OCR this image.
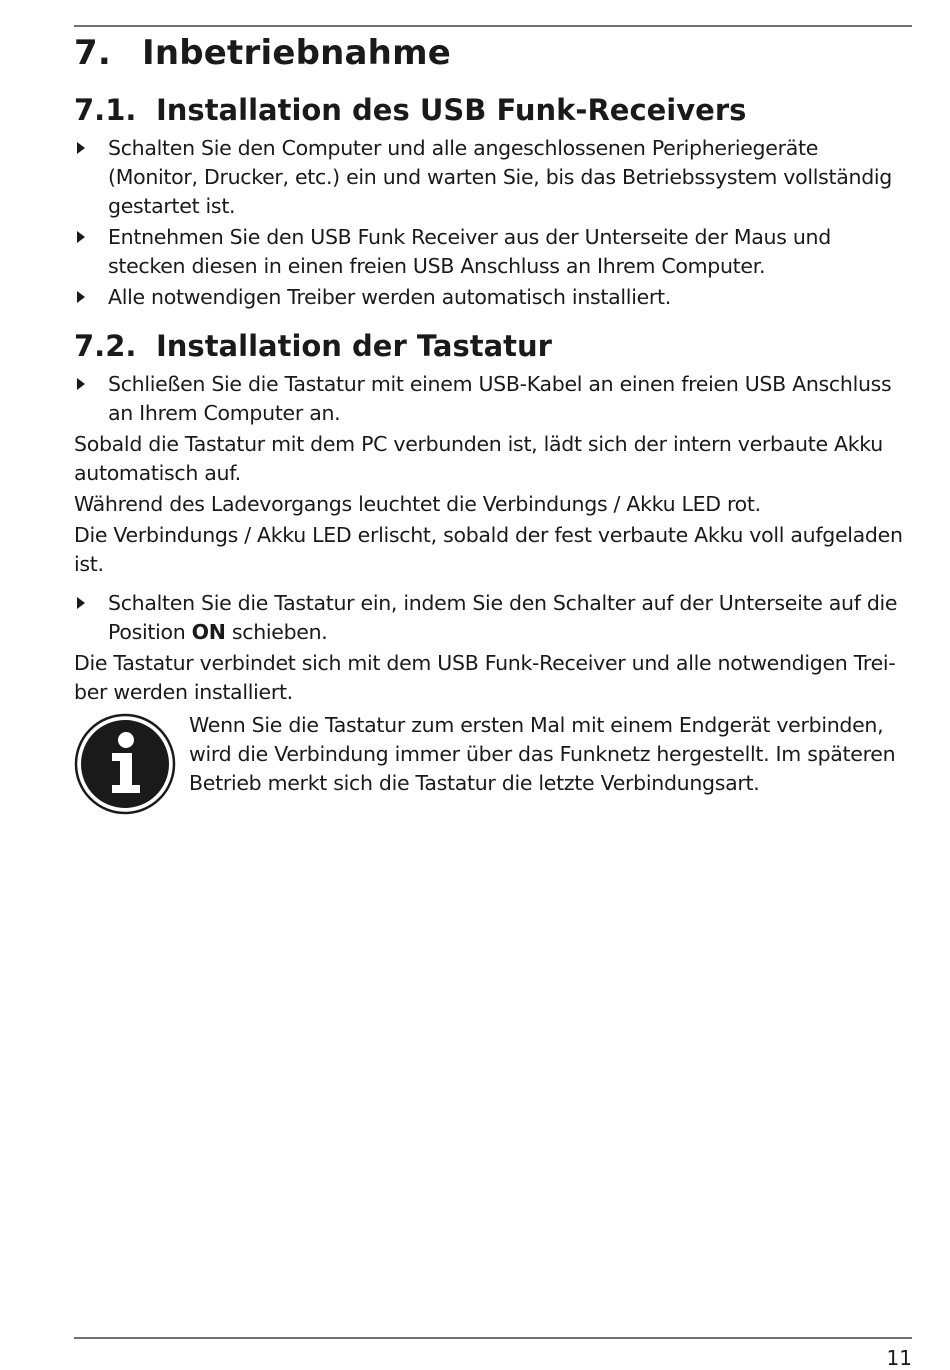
7. Inbetriebnahme
7.1. Installation des USB Funk-Receivers
Schalten Sie den Computer und alle angeschlossenen Peripheriegeräte (Monitor, Drucker, etc.) ein und warten Sie, bis das Betriebssystem vollständig gestartet ist.
Entnehmen Sie den USB Funk Receiver aus der Unterseite der Maus und stecken diesen in einen freien USB Anschluss an Ihrem Computer.
Alle notwendigen Treiber werden automatisch installiert.
7.2. Installation der Tastatur
Schließen Sie die Tastatur mit einem USB-Kabel an einen freien USB Anschluss an Ihrem Computer an.
Sobald die Tastatur mit dem PC verbunden ist, lädt sich der intern verbaute Akku automatisch auf.
Während des Ladevorgangs leuchtet die Verbindungs / Akku LED rot.
Die Verbindungs / Akku LED erlischt, sobald der fest verbaute Akku voll aufgeladen ist.
Schalten Sie die Tastatur ein, indem Sie den Schalter auf der Unterseite auf die Position ON schieben.
Die Tastatur verbindet sich mit dem USB Funk-Receiver und alle notwendigen Treiber werden installiert.
Wenn Sie die Tastatur zum ersten Mal mit einem Endgerät verbinden, wird die Verbindung immer über das Funknetz hergestellt. Im späteren Betrieb merkt sich die Tastatur die letzte Verbindungsart.
11
